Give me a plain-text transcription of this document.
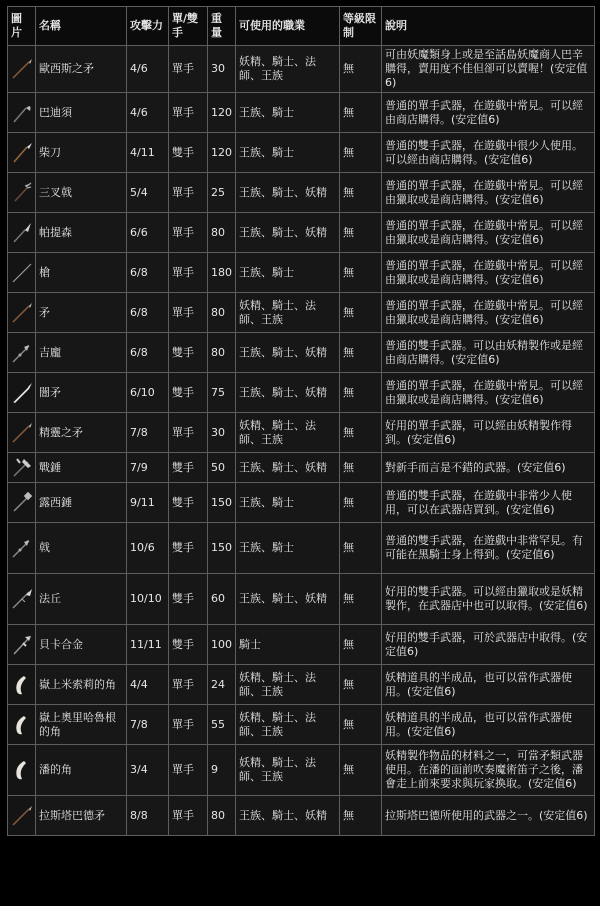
圖片	名稱	攻擊力	單/雙手	重量	可使用的職業	等級限制	說明

	歐西斯之矛	4/6	單手	30	妖精、騎士、法師、王族	無	可由妖魔類身上或是至話島妖魔商人巴辛購得，賣用度不佳但卻可以賣喔！(安定值6)

	巴迪須	4/6	單手	120	王族、騎士	無	普通的單手武器，在遊戲中常見。可以經由商店購得。(安定值6)

	柴刀	4/11	雙手	120	王族、騎士	無	普通的雙手武器，在遊戲中很少人使用。可以經由商店購得。(安定值6)

	三叉戟	5/4	單手	25	王族、騎士、妖精	無	普通的單手武器，在遊戲中常見。可以經由獵取或是商店購得。(安定值6)

	帕提森	6/6	單手	80	王族、騎士、妖精	無	普通的單手武器，在遊戲中常見。可以經由獵取或是商店購得。(安定值6)

	槍	6/8	單手	180	王族、騎士	無	普通的單手武器，在遊戲中常見。可以經由獵取或是商店購得。(安定值6)

	矛	6/8	單手	80	妖精、騎士、法師、王族	無	普通的單手武器，在遊戲中常見。可以經由獵取或是商店購得。(安定值6)

	吉龐	6/8	雙手	80	王族、騎士、妖精	無	普通的雙手武器。可以由妖精製作或是經由商店購得。(安定值6)

	闇矛	6/10	雙手	75	王族、騎士、妖精	無	普通的單手武器，在遊戲中常見。可以經由獵取或是商店購得。(安定值6)

	精靈之矛	7/8	單手	30	妖精、騎士、法師、王族	無	好用的單手武器，可以經由妖精製作得到。(安定值6)

	戰錘	7/9	雙手	50	王族、騎士、妖精	無	對新手而言是不錯的武器。(安定值6)

	露西錘	9/11	雙手	150	王族、騎士	無	普通的雙手武器，在遊戲中非常少人使用，可以在武器店買到。(安定值6)

	戟	10/6	雙手	150	王族、騎士	無	普通的雙手武器，在遊戲中非常罕見。有可能在黑騎士身上得到。(安定值6)

	法丘	10/10	雙手	60	王族、騎士、妖精	無	好用的雙手武器。可以經由獵取或是妖精製作，在武器店中也可以取得。(安定值6)

	貝卡合金	11/11	雙手	100	騎士	無	好用的雙手武器，可於武器店中取得。(安定值6)

	嶽上米索莉的角	4/4	單手	24	妖精、騎士、法師、王族	無	妖精道具的半成品，也可以當作武器使用。(安定值6)

	嶽上奧里哈魯根的角	7/8	單手	55	妖精、騎士、法師、王族	無	妖精道具的半成品，也可以當作武器使用。(安定值6)

	潘的角	3/4	單手	9	妖精、騎士、法師、王族	無	妖精製作物品的材料之一，可當矛類武器使用。在潘的面前吹奏魔術笛子之後，潘會走上前來要求與玩家換取。(安定值6)

	拉斯塔巴德矛	8/8	單手	80	王族、騎士、妖精	無	拉斯塔巴德所使用的武器之一。(安定值6)
